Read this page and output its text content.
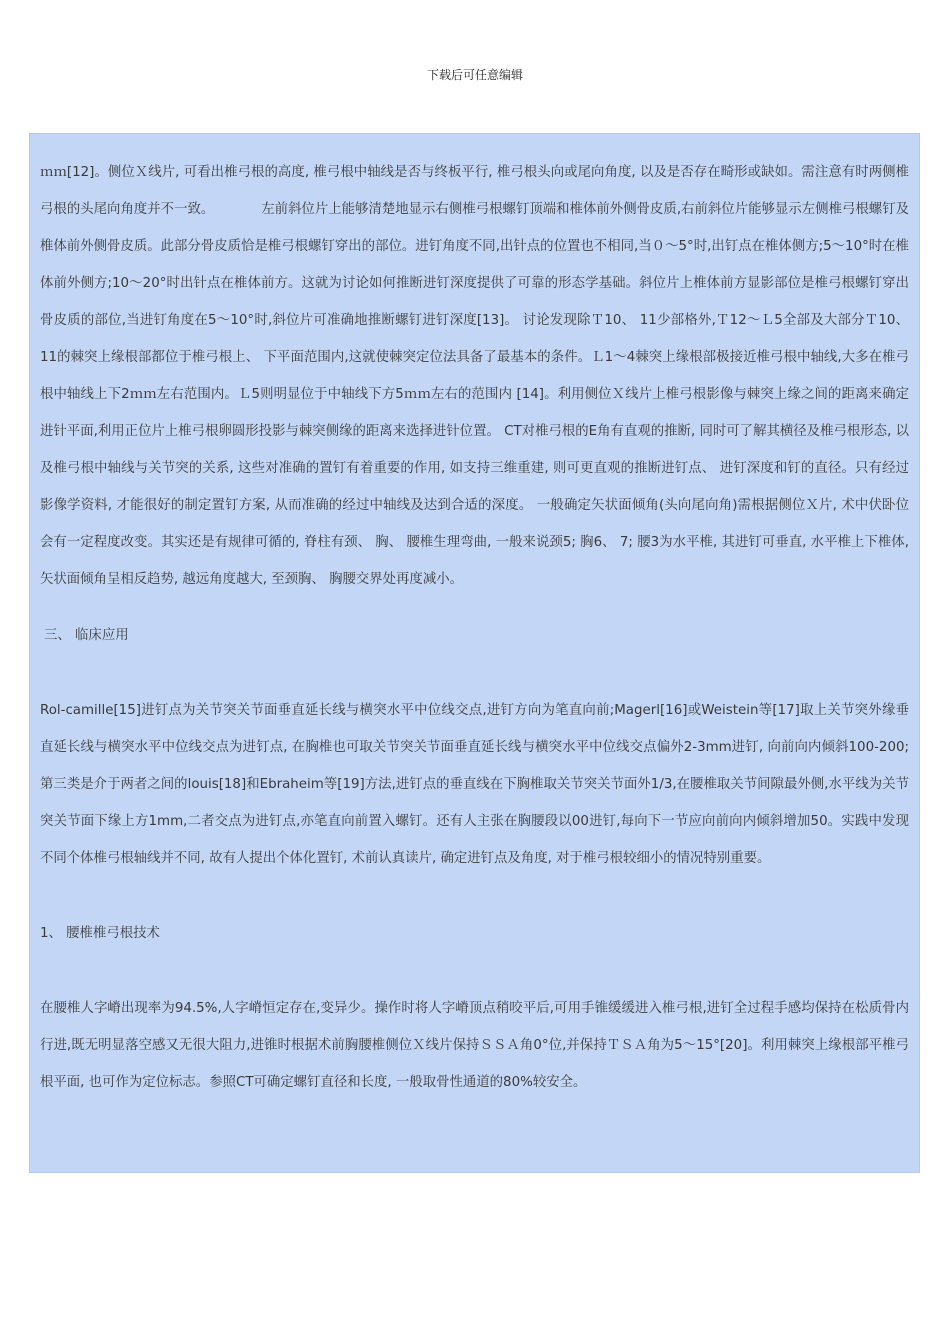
下载后可任意编辑

ｍｍ[12]。侧位Ｘ线片, 可看出椎弓根的高度, 椎弓根中轴线是否与终板平行, 椎弓根头向或尾向角度, 以及是否存在畸形或缺如。需注意有时两侧椎弓根的头尾向角度并不一致。　　　　左前斜位片上能够清楚地显示右侧椎弓根螺钉顶端和椎体前外侧骨皮质,右前斜位片能够显示左侧椎弓根螺钉及椎体前外侧骨皮质。此部分骨皮质恰是椎弓根螺钉穿出的部位。进钉角度不同,出针点的位置也不相同,当０～5°时,出钉点在椎体侧方;5～10°时在椎体前外侧方;10～20°时出针点在椎体前方。这就为讨论如何推断进钉深度提供了可靠的形态学基础。斜位片上椎体前方显影部位是椎弓根螺钉穿出骨皮质的部位,当进钉角度在5～10°时,斜位片可准确地推断螺钉进钉深度[13]。 讨论发现除Ｔ10、 11少部格外,Ｔ12～Ｌ5全部及大部分Ｔ10、 11的棘突上缘根部都位于椎弓根上、 下平面范围内,这就使棘突定位法具备了最基本的条件。Ｌ1～4棘突上缘根部极接近椎弓根中轴线,大多在椎弓根中轴线上下2ｍｍ左右范围内。Ｌ5则明显位于中轴线下方5ｍｍ左右的范围内 [14]。利用侧位Ｘ线片上椎弓根影像与棘突上缘之间的距离来确定进针平面,利用正位片上椎弓根卵圆形投影与棘突侧缘的距离来选择进针位置。 CT对椎弓根的E角有直观的推断, 同时可了解其横径及椎弓根形态, 以及椎弓根中轴线与关节突的关系, 这些对准确的置钉有着重要的作用, 如支持三维重建, 则可更直观的推断进钉点、 进钉深度和钉的直径。只有经过影像学资料, 才能很好的制定置钉方案, 从而准确的经过中轴线及达到合适的深度。 一般确定矢状面倾角(头向尾向角)需根据侧位Ｘ片, 术中伏卧位会有一定程度改变。其实还是有规律可循的, 脊柱有颈、 胸、 腰椎生理弯曲, 一般来说颈5; 胸6、 7; 腰3为水平椎, 其进钉可垂直, 水平椎上下椎体, 矢状面倾角呈相反趋势, 越远角度越大, 至颈胸、 胸腰交界处再度减小。

三、 临床应用

Rol-camille[15]进钉点为关节突关节面垂直延长线与横突水平中位线交点,进钉方向为笔直向前;Magerl[16]或Weistein等[17]取上关节突外缘垂直延长线与横突水平中位线交点为进钉点, 在胸椎也可取关节突关节面垂直延长线与横突水平中位线交点偏外2-3mm进钉, 向前向内倾斜100-200; 第三类是介于两者之间的louis[18]和Ebraheim等[19]方法,进钉点的垂直线在下胸椎取关节突关节面外1/3,在腰椎取关节间隙最外侧,水平线为关节突关节面下缘上方1mm,二者交点为进钉点,亦笔直向前置入螺钉。还有人主张在胸腰段以00进钉,每向下一节应向前向内倾斜增加50。实践中发现不同个体椎弓根轴线并不同, 故有人提出个体化置钉, 术前认真读片, 确定进钉点及角度, 对于椎弓根较细小的情况特别重要。

1、 腰椎椎弓根技术

在腰椎人字嵴出现率为94.5%,人字嵴恒定存在,变异少。操作时将人字嵴顶点稍咬平后,可用手锥缓缓进入椎弓根,进钉全过程手感均保持在松质骨内行进,既无明显落空感又无很大阻力,进锥时根据术前胸腰椎侧位Ｘ线片保持ＳＳＡ角0°位,并保持ＴＳＡ角为5～15°[20]。利用棘突上缘根部平椎弓根平面, 也可作为定位标志。参照CT可确定螺钉直径和长度, 一般取骨性通道的80%较安全。
